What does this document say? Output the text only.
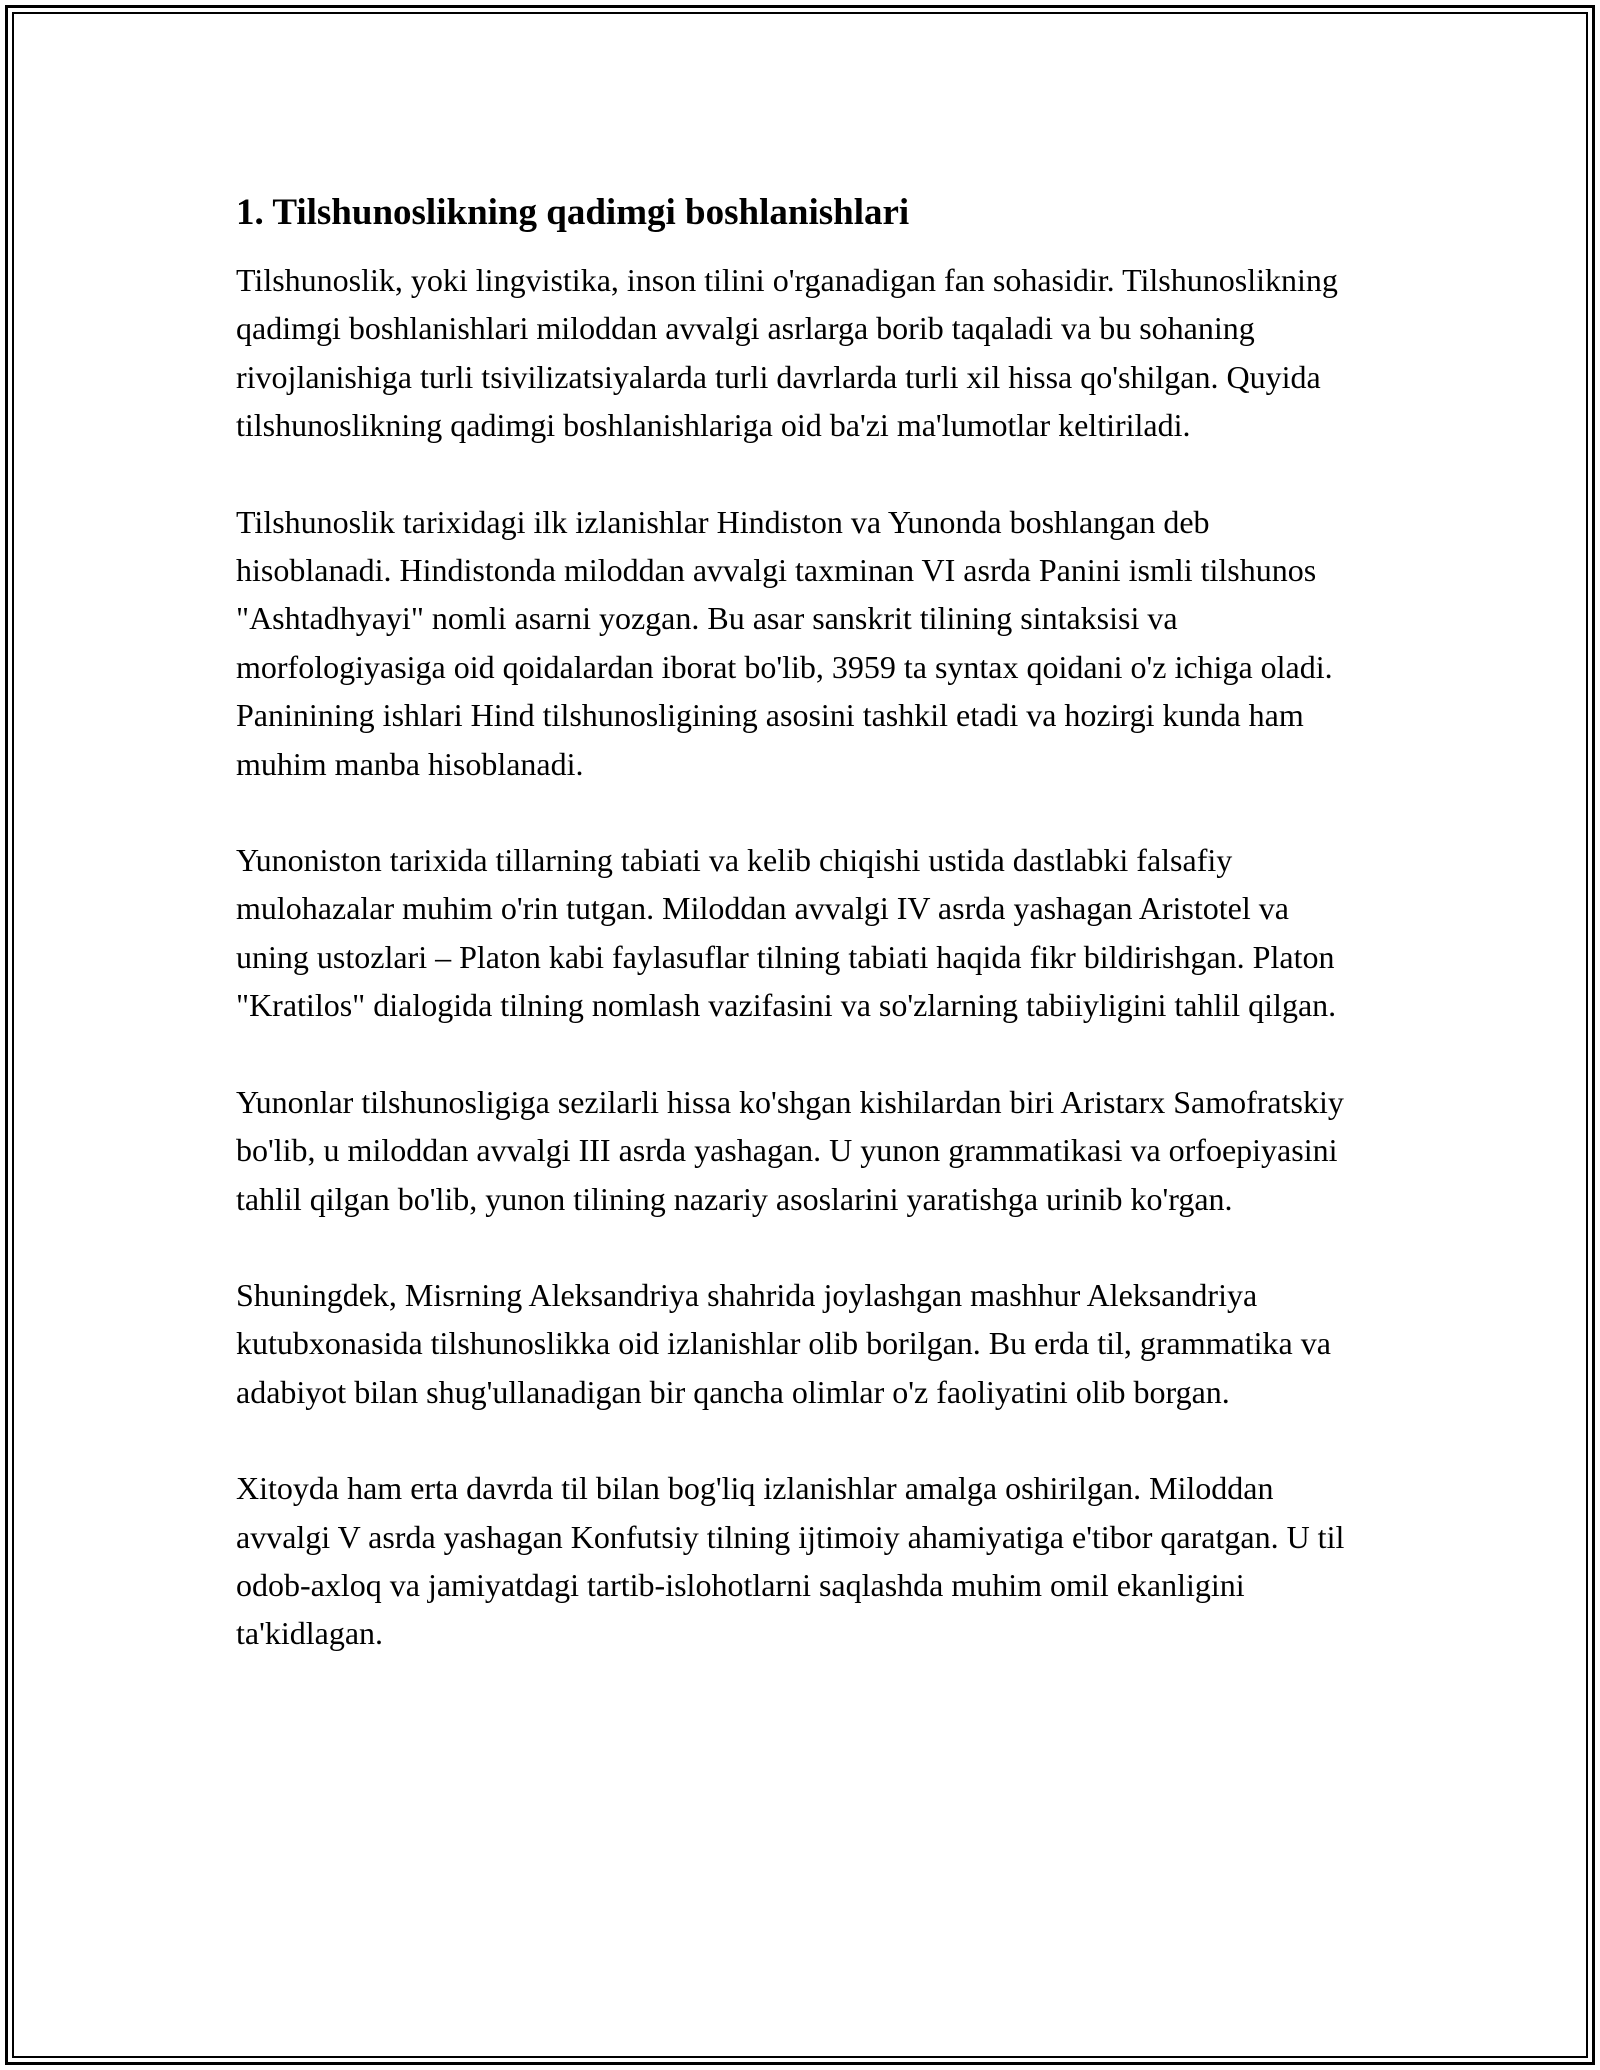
1. Tilshunoslikning qadimgi boshlanishlari

Tilshunoslik, yoki lingvistika, inson tilini o'rganadigan fan sohasidir. Tilshunoslikning qadimgi boshlanishlari miloddan avvalgi asrlarga borib taqaladi va bu sohaning rivojlanishiga turli tsivilizatsiyalarda turli davrlarda turli xil hissa qo'shilgan. Quyida tilshunoslikning qadimgi boshlanishlariga oid ba'zi ma'lumotlar keltiriladi.

Tilshunoslik tarixidagi ilk izlanishlar Hindiston va Yunonda boshlangan deb hisoblanadi. Hindistonda miloddan avvalgi taxminan VI asrda Panini ismli tilshunos "Ashtadhyayi" nomli asarni yozgan. Bu asar sanskrit tilining sintaksisi va morfologiyasiga oid qoidalardan iborat bo'lib, 3959 ta syntax qoidani o'z ichiga oladi. Paninining ishlari Hind tilshunosligining asosini tashkil etadi va hozirgi kunda ham muhim manba hisoblanadi.

Yunoniston tarixida tillarning tabiati va kelib chiqishi ustida dastlabki falsafiy mulohazalar muhim o'rin tutgan. Miloddan avvalgi IV asrda yashagan Aristotel va uning ustozlari – Platon kabi faylasuflar tilning tabiati haqida fikr bildirishgan. Platon "Kratilos" dialogida tilning nomlash vazifasini va so'zlarning tabiiyligini tahlil qilgan.

Yunonlar tilshunosligiga sezilarli hissa ko'shgan kishilardan biri Aristarx Samofratskiy bo'lib, u miloddan avvalgi III asrda yashagan. U yunon grammatikasi va orfoepiyasini tahlil qilgan bo'lib, yunon tilining nazariy asoslarini yaratishga urinib ko'rgan.

Shuningdek, Misrning Aleksandriya shahrida joylashgan mashhur Aleksandriya kutubxonasida tilshunoslikka oid izlanishlar olib borilgan. Bu erda til, grammatika va adabiyot bilan shug'ullanadigan bir qancha olimlar o'z faoliyatini olib borgan.

Xitoyda ham erta davrda til bilan bog'liq izlanishlar amalga oshirilgan. Miloddan avvalgi V asrda yashagan Konfutsiy tilning ijtimoiy ahamiyatiga e'tibor qaratgan. U til odob-axloq va jamiyatdagi tartib-islohotlarni saqlashda muhim omil ekanligini ta'kidlagan.
